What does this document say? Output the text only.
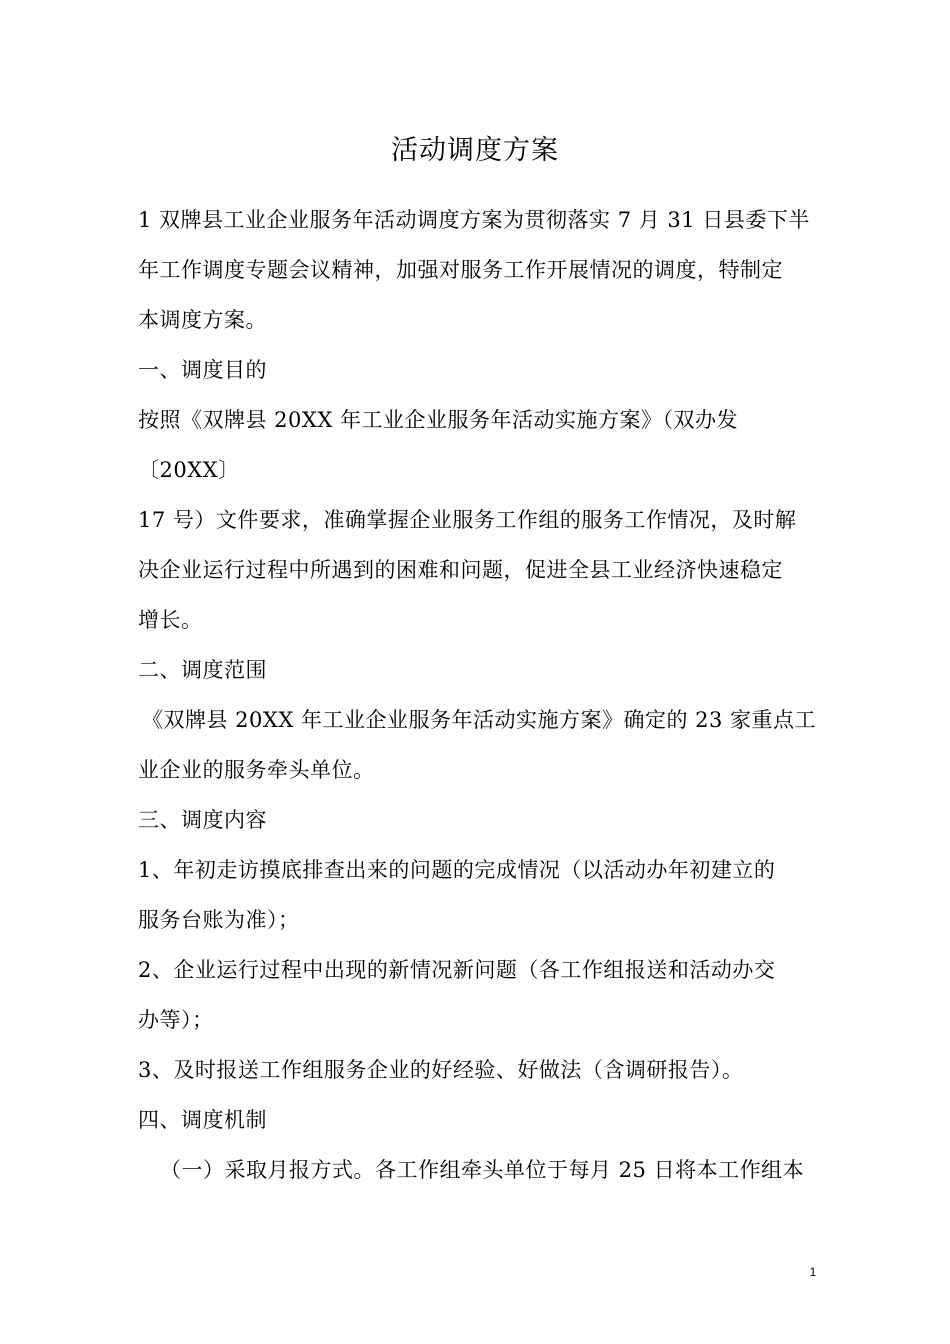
活动调度方案
1 双牌县工业企业服务年活动调度方案为贯彻落实 7 月 31 日县委下半
年工作调度专题会议精神，加强对服务工作开展情况的调度，特制定
本调度方案。
一、调度目的
按照《双牌县 20XX 年工业企业服务年活动实施方案》（双办发
〔20XX〕
17 号）文件要求，准确掌握企业服务工作组的服务工作情况，及时解
决企业运行过程中所遇到的困难和问题，促进全县工业经济快速稳定
增长。
二、调度范围
《双牌县 20XX 年工业企业服务年活动实施方案》确定的 23 家重点工
业企业的服务牵头单位。
三、调度内容
1、年初走访摸底排查出来的问题的完成情况（以活动办年初建立的
服务台账为准）；
2、企业运行过程中出现的新情况新问题（各工作组报送和活动办交
办等）；
3、及时报送工作组服务企业的好经验、好做法（含调研报告）。
四、调度机制
（一）采取月报方式。各工作组牵头单位于每月 25 日将本工作组本
1
